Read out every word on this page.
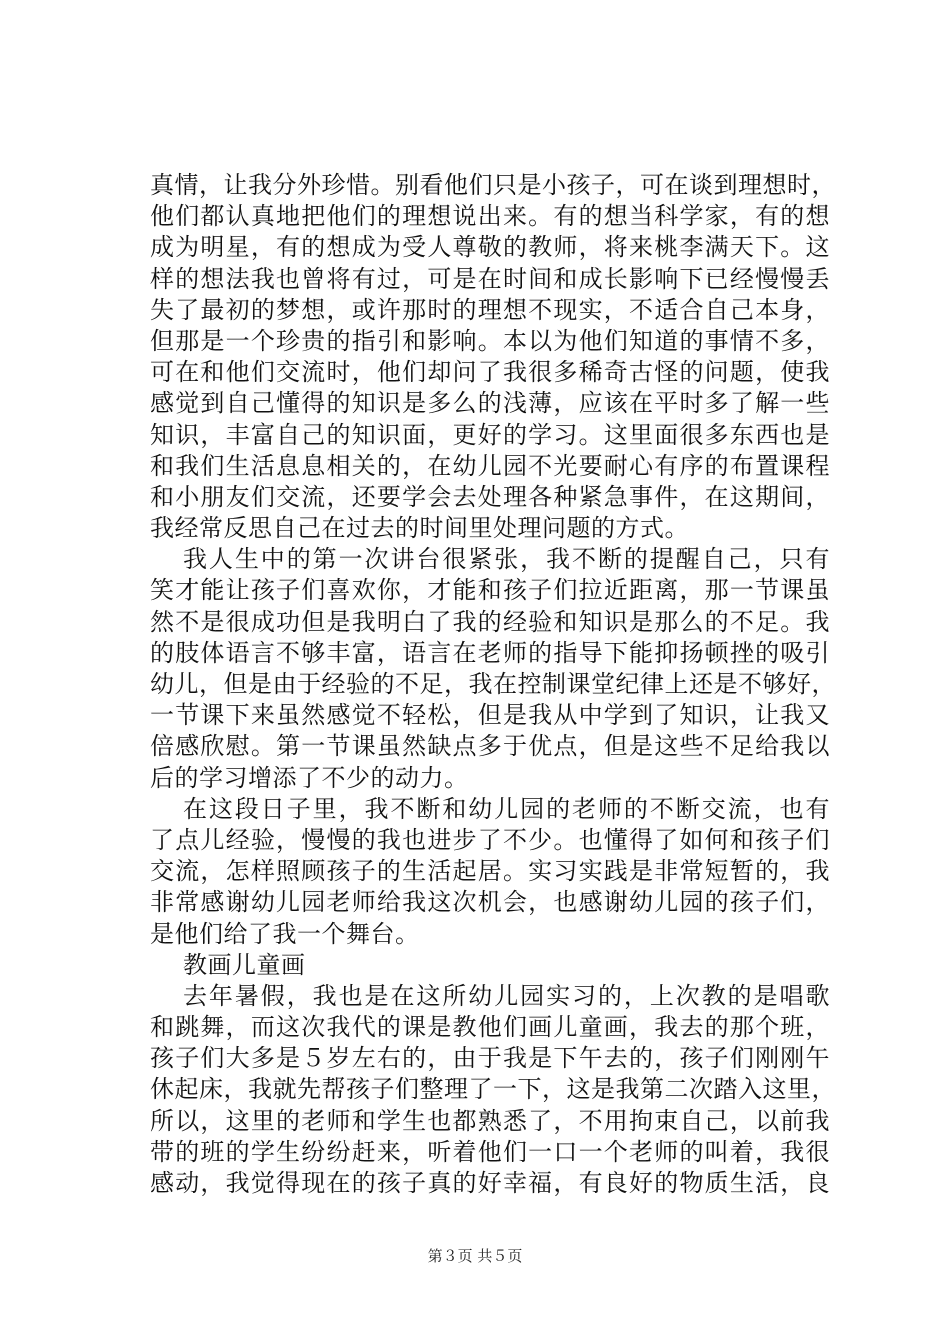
真情，让我分外珍惜。别看他们只是小孩子，可在谈到理想时，
他们都认真地把他们的理想说出来。有的想当科学家，有的想
成为明星，有的想成为受人尊敬的教师，将来桃李满天下。这
样的想法我也曾将有过，可是在时间和成长影响下已经慢慢丢
失了最初的梦想，或许那时的理想不现实，不适合自己本身，
但那是一个珍贵的指引和影响。本以为他们知道的事情不多，
可在和他们交流时，他们却问了我很多稀奇古怪的问题，使我
感觉到自己懂得的知识是多么的浅薄，应该在平时多了解一些
知识，丰富自己的知识面，更好的学习。这里面很多东西也是
和我们生活息息相关的，在幼儿园不光要耐心有序的布置课程
和小朋友们交流，还要学会去处理各种紧急事件，在这期间，
我经常反思自己在过去的时间里处理问题的方式。
我人生中的第一次讲台很紧张，我不断的提醒自己，只有
笑才能让孩子们喜欢你，才能和孩子们拉近距离，那一节课虽
然不是很成功但是我明白了我的经验和知识是那么的不足。我
的肢体语言不够丰富，语言在老师的指导下能抑扬顿挫的吸引
幼儿，但是由于经验的不足，我在控制课堂纪律上还是不够好，
一节课下来虽然感觉不轻松，但是我从中学到了知识，让我又
倍感欣慰。第一节课虽然缺点多于优点，但是这些不足给我以
后的学习增添了不少的动力。
在这段日子里，我不断和幼儿园的老师的不断交流，也有
了点儿经验，慢慢的我也进步了不少。也懂得了如何和孩子们
交流，怎样照顾孩子的生活起居。实习实践是非常短暂的，我
非常感谢幼儿园老师给我这次机会，也感谢幼儿园的孩子们，
是他们给了我一个舞台。
教画儿童画
去年暑假，我也是在这所幼儿园实习的，上次教的是唱歌
和跳舞，而这次我代的课是教他们画儿童画，我去的那个班，
孩子们大多是５岁左右的，由于我是下午去的，孩子们刚刚午
休起床，我就先帮孩子们整理了一下，这是我第二次踏入这里，
所以，这里的老师和学生也都熟悉了，不用拘束自己，以前我
带的班的学生纷纷赶来，听着他们一口一个老师的叫着，我很
感动，我觉得现在的孩子真的好幸福，有良好的物质生活，良
第３页 共５页
